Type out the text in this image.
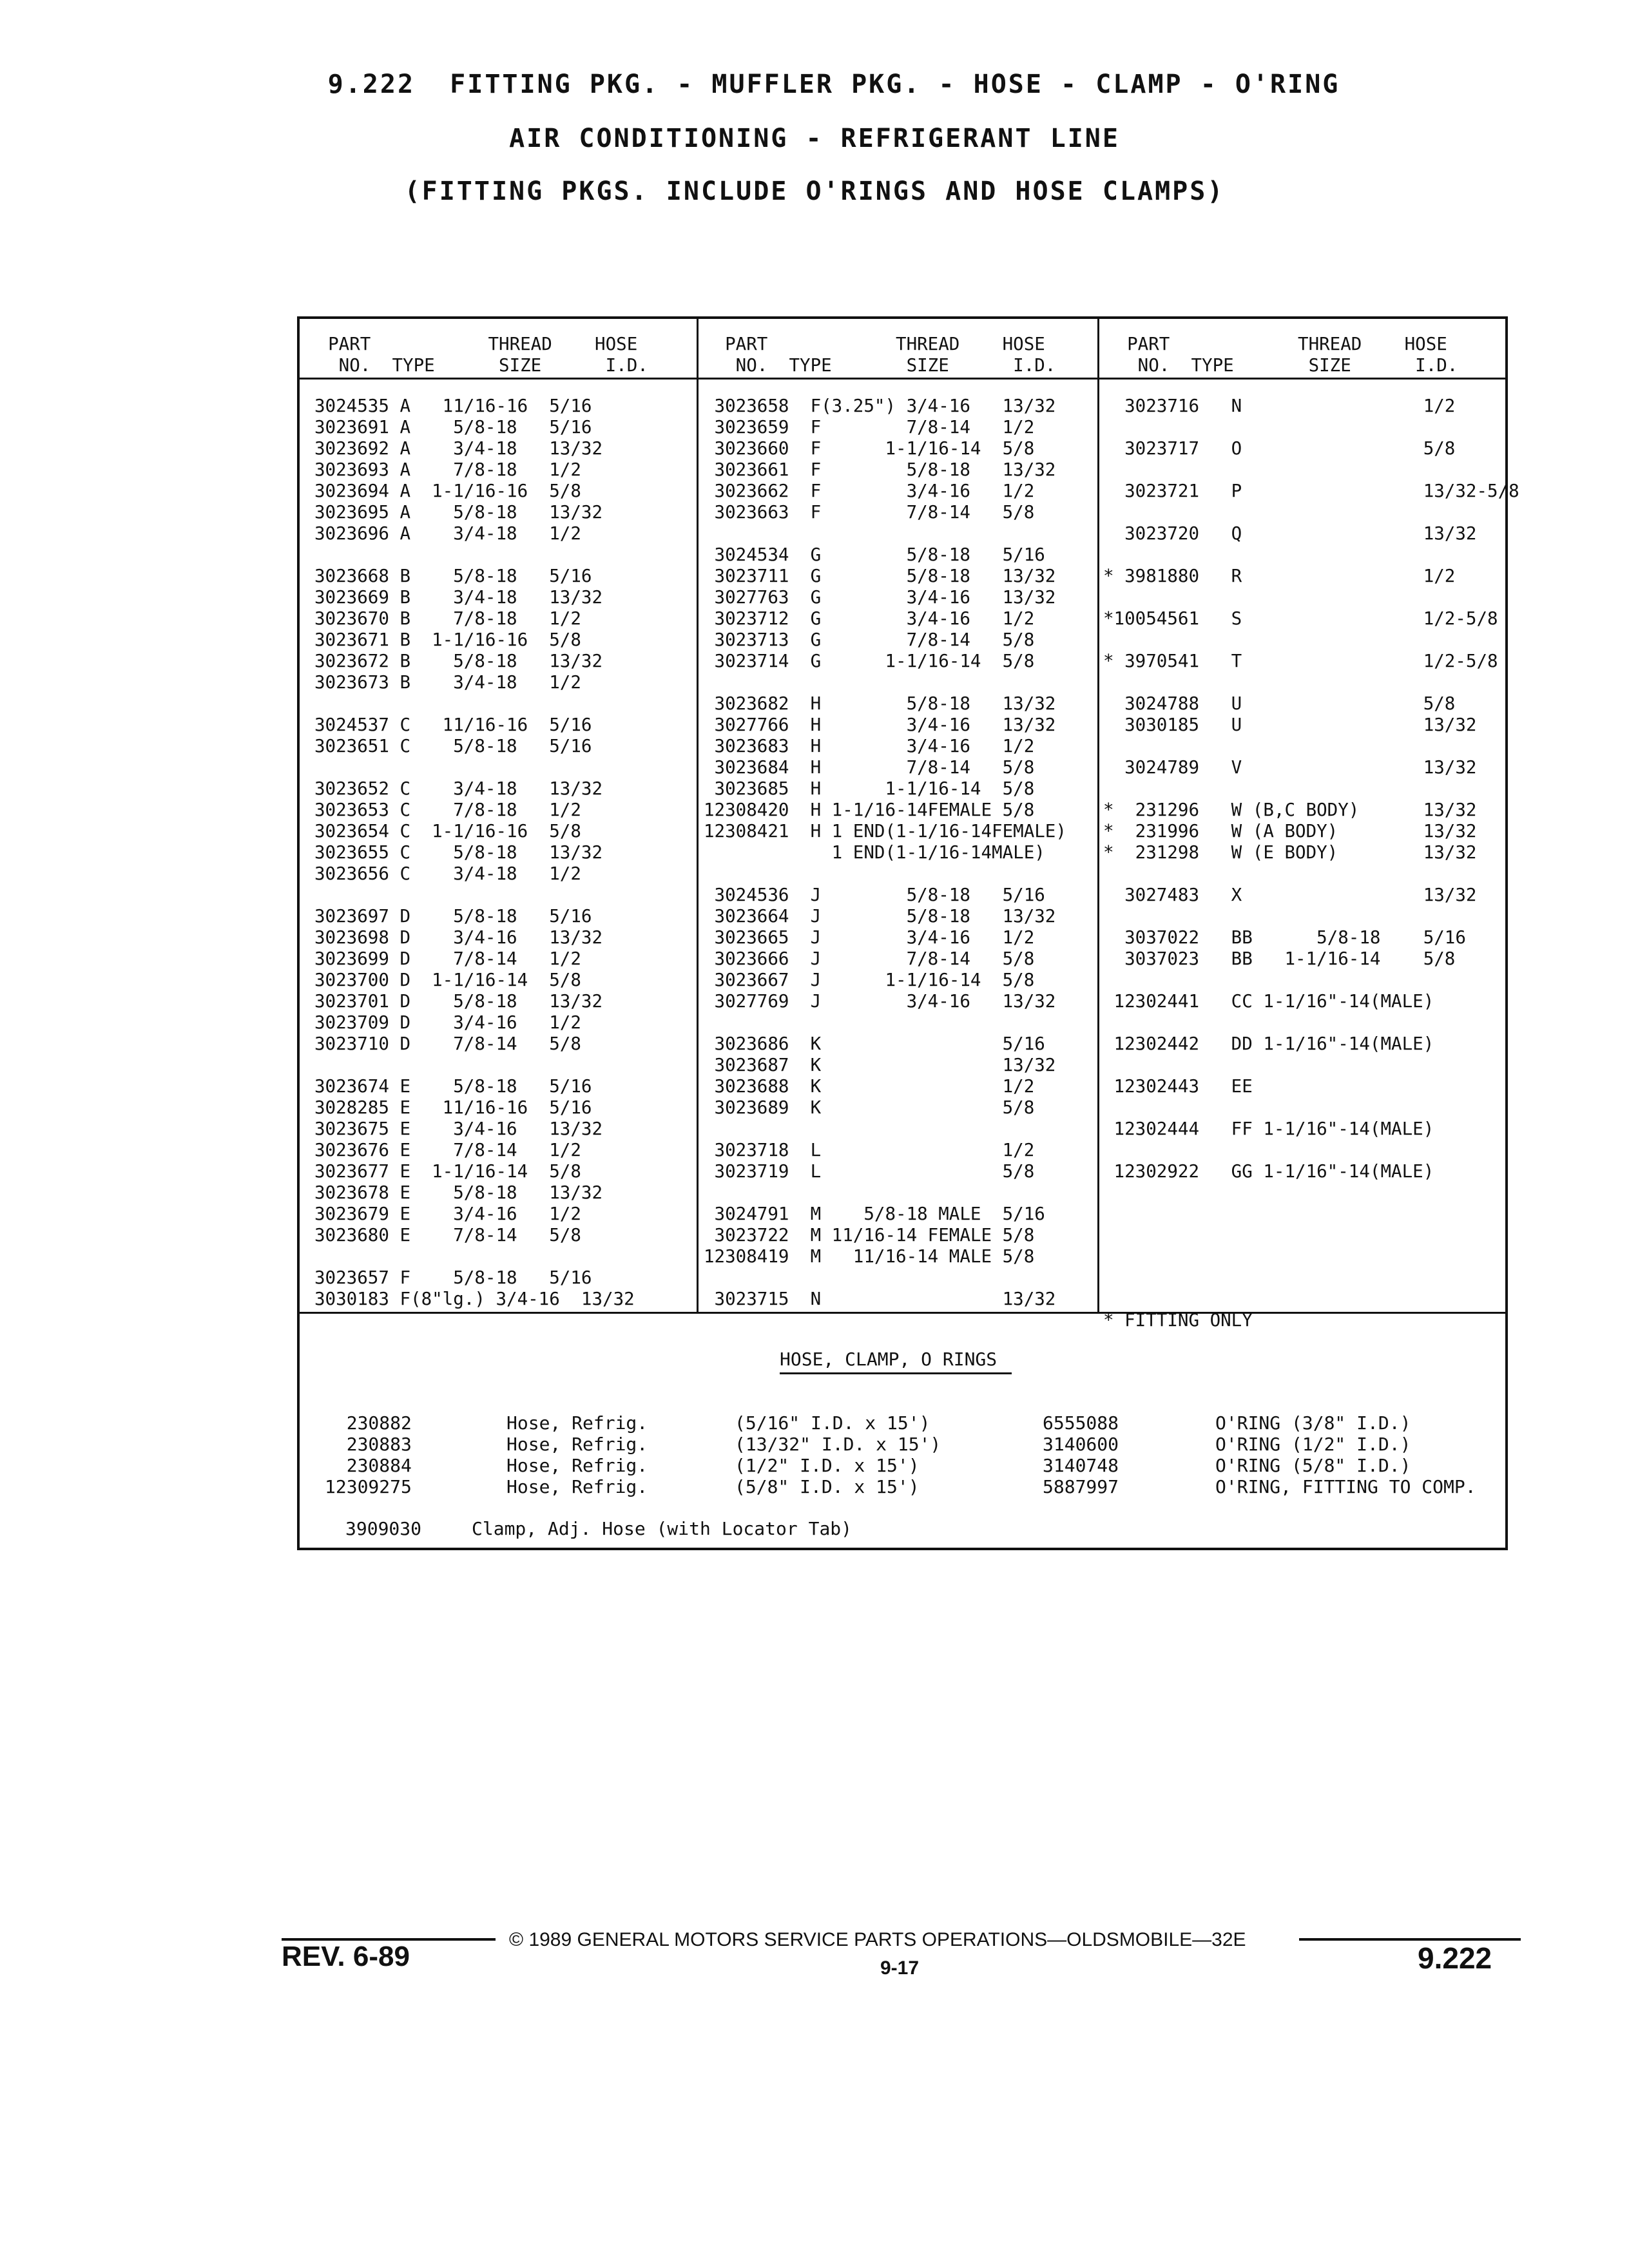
9.222  FITTING PKG. - MUFFLER PKG. - HOSE - CLAMP - O'RING
AIR CONDITIONING - REFRIGERANT LINE
(FITTING PKGS. INCLUDE O'RINGS AND HOSE CLAMPS)
PART           THREAD    HOSE
NO.  TYPE      SIZE      I.D.
PART            THREAD    HOSE
NO.  TYPE       SIZE      I.D.
PART            THREAD    HOSE
NO.  TYPE       SIZE      I.D.
3024535 A   11/16-16  5/16
3023691 A    5/8-18   5/16
3023692 A    3/4-18   13/32
3023693 A    7/8-18   1/2
3023694 A  1-1/16-16  5/8
3023695 A    5/8-18   13/32
3023696 A    3/4-18   1/2

3023668 B    5/8-18   5/16
3023669 B    3/4-18   13/32
3023670 B    7/8-18   1/2
3023671 B  1-1/16-16  5/8
3023672 B    5/8-18   13/32
3023673 B    3/4-18   1/2

3024537 C   11/16-16  5/16
3023651 C    5/8-18   5/16

3023652 C    3/4-18   13/32
3023653 C    7/8-18   1/2
3023654 C  1-1/16-16  5/8
3023655 C    5/8-18   13/32
3023656 C    3/4-18   1/2

3023697 D    5/8-18   5/16
3023698 D    3/4-16   13/32
3023699 D    7/8-14   1/2
3023700 D  1-1/16-14  5/8
3023701 D    5/8-18   13/32
3023709 D    3/4-16   1/2
3023710 D    7/8-14   5/8

3023674 E    5/8-18   5/16
3028285 E   11/16-16  5/16
3023675 E    3/4-16   13/32
3023676 E    7/8-14   1/2
3023677 E  1-1/16-14  5/8
3023678 E    5/8-18   13/32
3023679 E    3/4-16   1/2
3023680 E    7/8-14   5/8

3023657 F    5/8-18   5/16
3030183 F(8"lg.) 3/4-16  13/32
3023658  F(3.25") 3/4-16   13/32
3023659  F        7/8-14   1/2
3023660  F      1-1/16-14  5/8
3023661  F        5/8-18   13/32
3023662  F        3/4-16   1/2
3023663  F        7/8-14   5/8

3024534  G        5/8-18   5/16
3023711  G        5/8-18   13/32
3027763  G        3/4-16   13/32
3023712  G        3/4-16   1/2
3023713  G        7/8-14   5/8
3023714  G      1-1/16-14  5/8

3023682  H        5/8-18   13/32
3027766  H        3/4-16   13/32
3023683  H        3/4-16   1/2
3023684  H        7/8-14   5/8
3023685  H      1-1/16-14  5/8
12308420  H 1-1/16-14FEMALE 5/8
12308421  H 1 END(1-1/16-14FEMALE)
1 END(1-1/16-14MALE)

3024536  J        5/8-18   5/16
3023664  J        5/8-18   13/32
3023665  J        3/4-16   1/2
3023666  J        7/8-14   5/8
3023667  J      1-1/16-14  5/8
3027769  J        3/4-16   13/32

3023686  K                 5/16
3023687  K                 13/32
3023688  K                 1/2
3023689  K                 5/8

3023718  L                 1/2
3023719  L                 5/8

3024791  M    5/8-18 MALE  5/16
3023722  M 11/16-14 FEMALE 5/8
12308419  M   11/16-14 MALE 5/8

3023715  N                 13/32
3023716   N                 1/2

3023717   O                 5/8

3023721   P                 13/32-5/8

3023720   Q                 13/32

* 3981880   R                 1/2

*10054561   S                 1/2-5/8

* 3970541   T                 1/2-5/8

3024788   U                 5/8
3030185   U                 13/32

3024789   V                 13/32

*  231296   W (B,C BODY)      13/32
*  231996   W (A BODY)        13/32
*  231298   W (E BODY)        13/32

3027483   X                 13/32

3037022   BB      5/8-18    5/16
3037023   BB   1-1/16-14    5/8

12302441   CC 1-1/16"-14(MALE)

12302442   DD 1-1/16"-14(MALE)

12302443   EE

12302444   FF 1-1/16"-14(MALE)

12302922   GG 1-1/16"-14(MALE)

* FITTING ONLY
HOSE, CLAMP, O RINGS
230882
230883
230884
12309275
Hose, Refrig.
Hose, Refrig.
Hose, Refrig.
Hose, Refrig.
(5/16" I.D. x 15')
(13/32" I.D. x 15')
(1/2" I.D. x 15')
(5/8" I.D. x 15')
6555088
3140600
3140748
5887997
O'RING (3/8" I.D.)
O'RING (1/2" I.D.)
O'RING (5/8" I.D.)
O'RING, FITTING TO COMP.
3909030	Clamp, Adj. Hose (with Locator Tab)
REV. 6-89
© 1989 GENERAL MOTORS SERVICE PARTS OPERATIONS—OLDSMOBILE—32E
9-17	9.222
